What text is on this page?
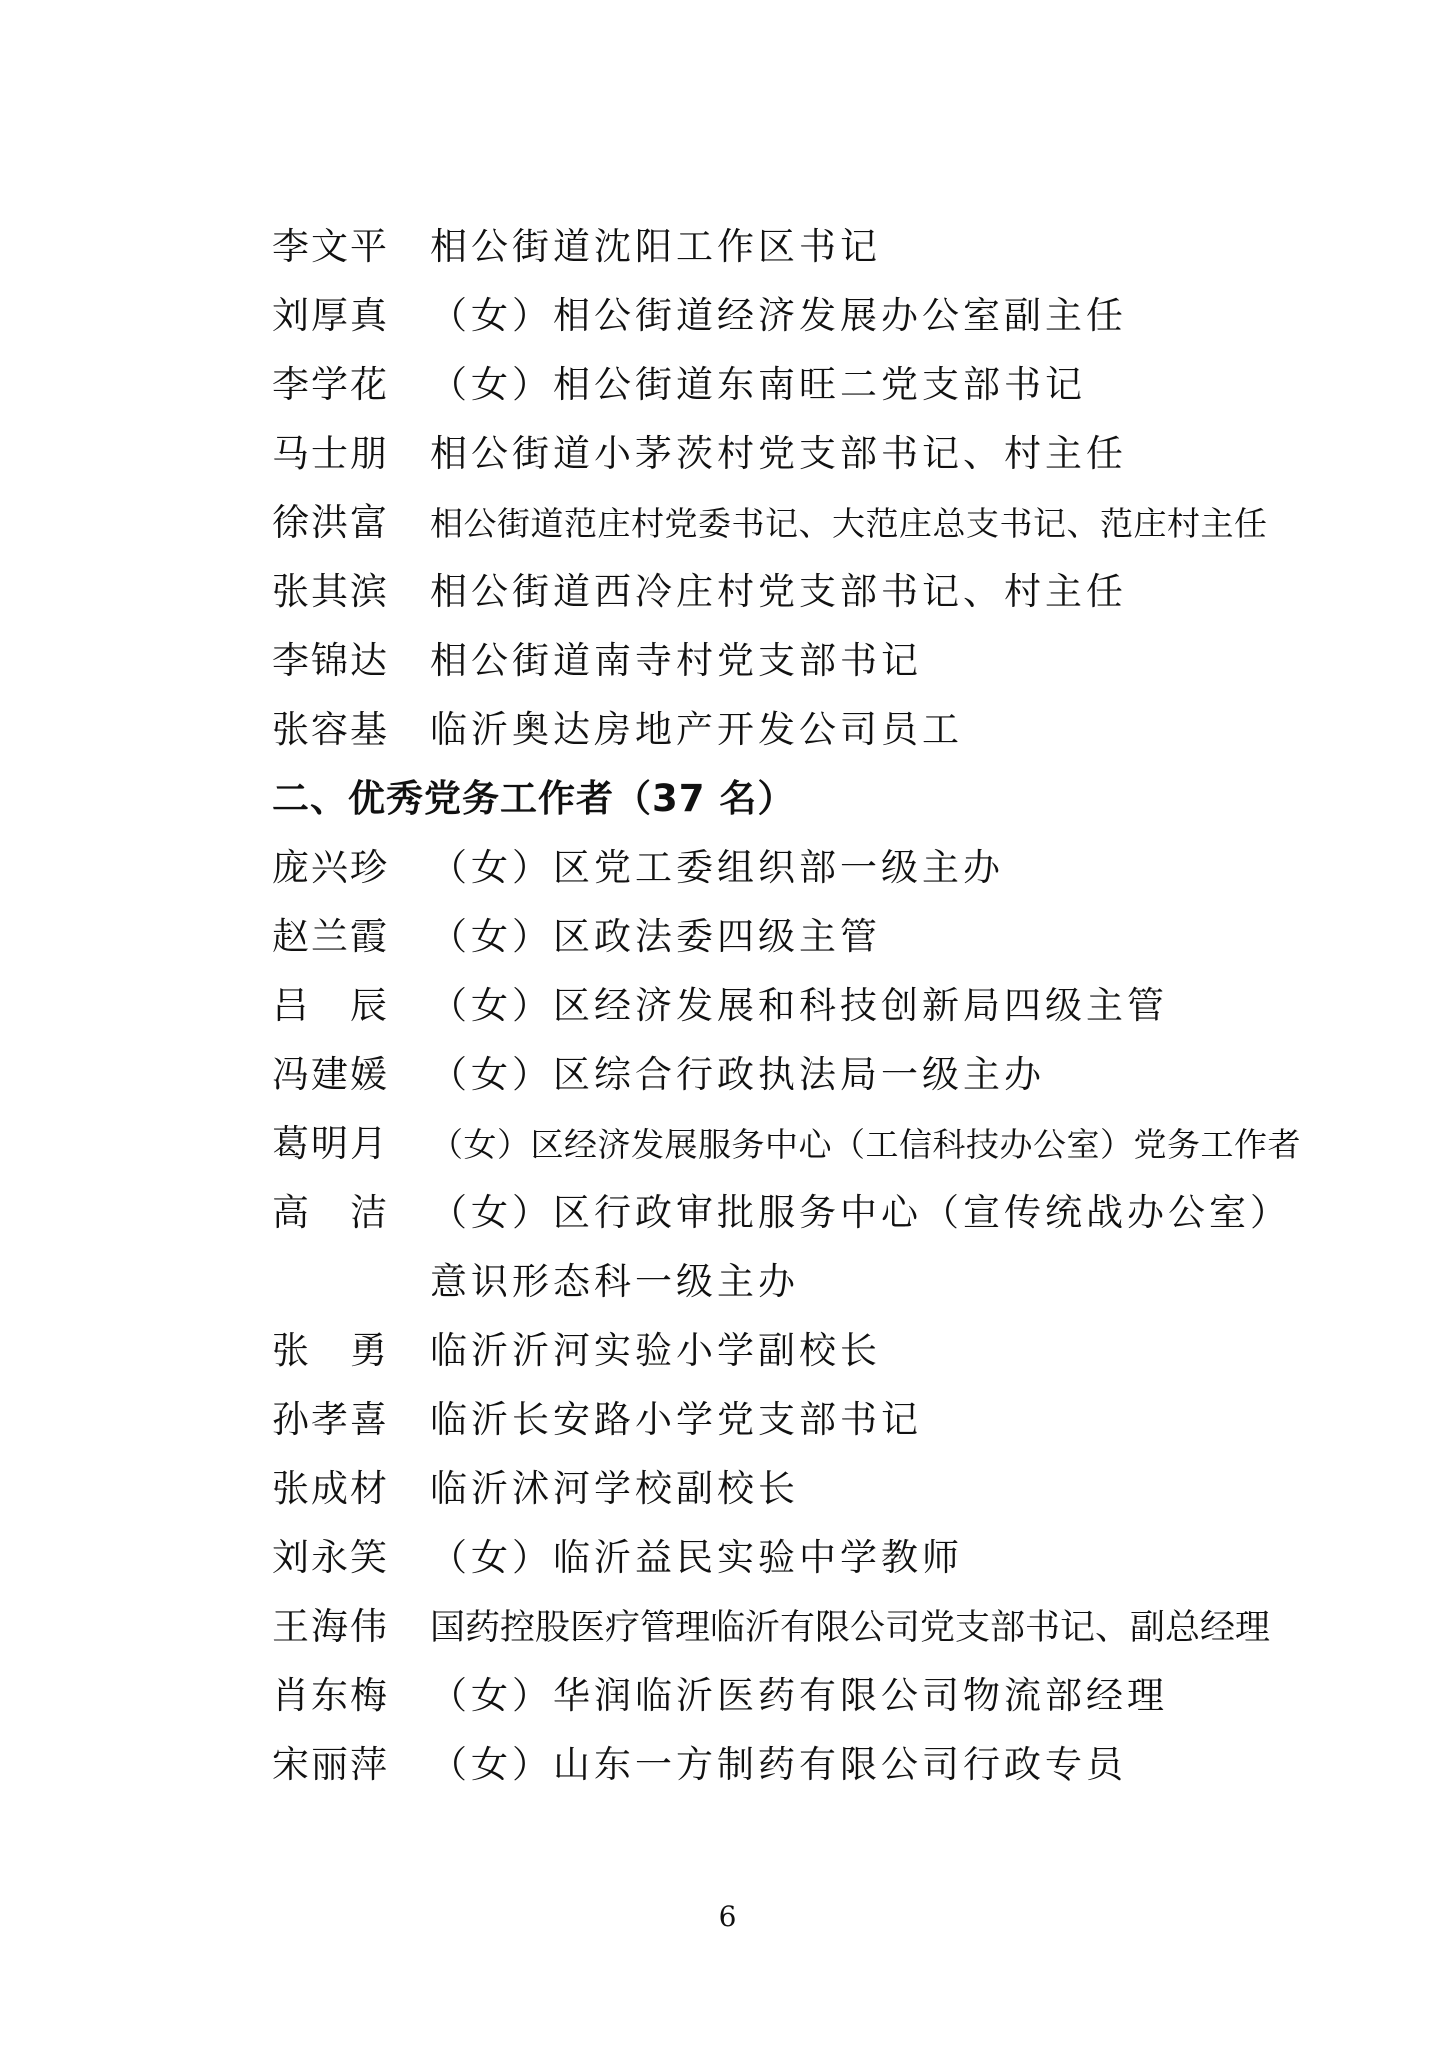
李文平	相公街道沈阳工作区书记
刘厚真	（女）相公街道经济发展办公室副主任
李学花	（女）相公街道东南旺二党支部书记
马士朋	相公街道小茅茨村党支部书记、村主任
徐洪富	相公街道范庄村党委书记、大范庄总支书记、范庄村主任
张其滨	相公街道西冷庄村党支部书记、村主任
李锦达	相公街道南寺村党支部书记
张容基	临沂奥达房地产开发公司员工
二、优秀党务工作者（37 名）
庞兴珍	（女）区党工委组织部一级主办
赵兰霞	（女）区政法委四级主管
吕　辰	（女）区经济发展和科技创新局四级主管
冯建媛	（女）区综合行政执法局一级主办
葛明月	（女）区经济发展服务中心（工信科技办公室）党务工作者
高　洁	（女）区行政审批服务中心（宣传统战办公室）
意识形态科一级主办
张　勇	临沂沂河实验小学副校长
孙孝喜	临沂长安路小学党支部书记
张成材	临沂沭河学校副校长
刘永笑	（女）临沂益民实验中学教师
王海伟	国药控股医疗管理临沂有限公司党支部书记、副总经理
肖东梅	（女）华润临沂医药有限公司物流部经理
宋丽萍	（女）山东一方制药有限公司行政专员
6
